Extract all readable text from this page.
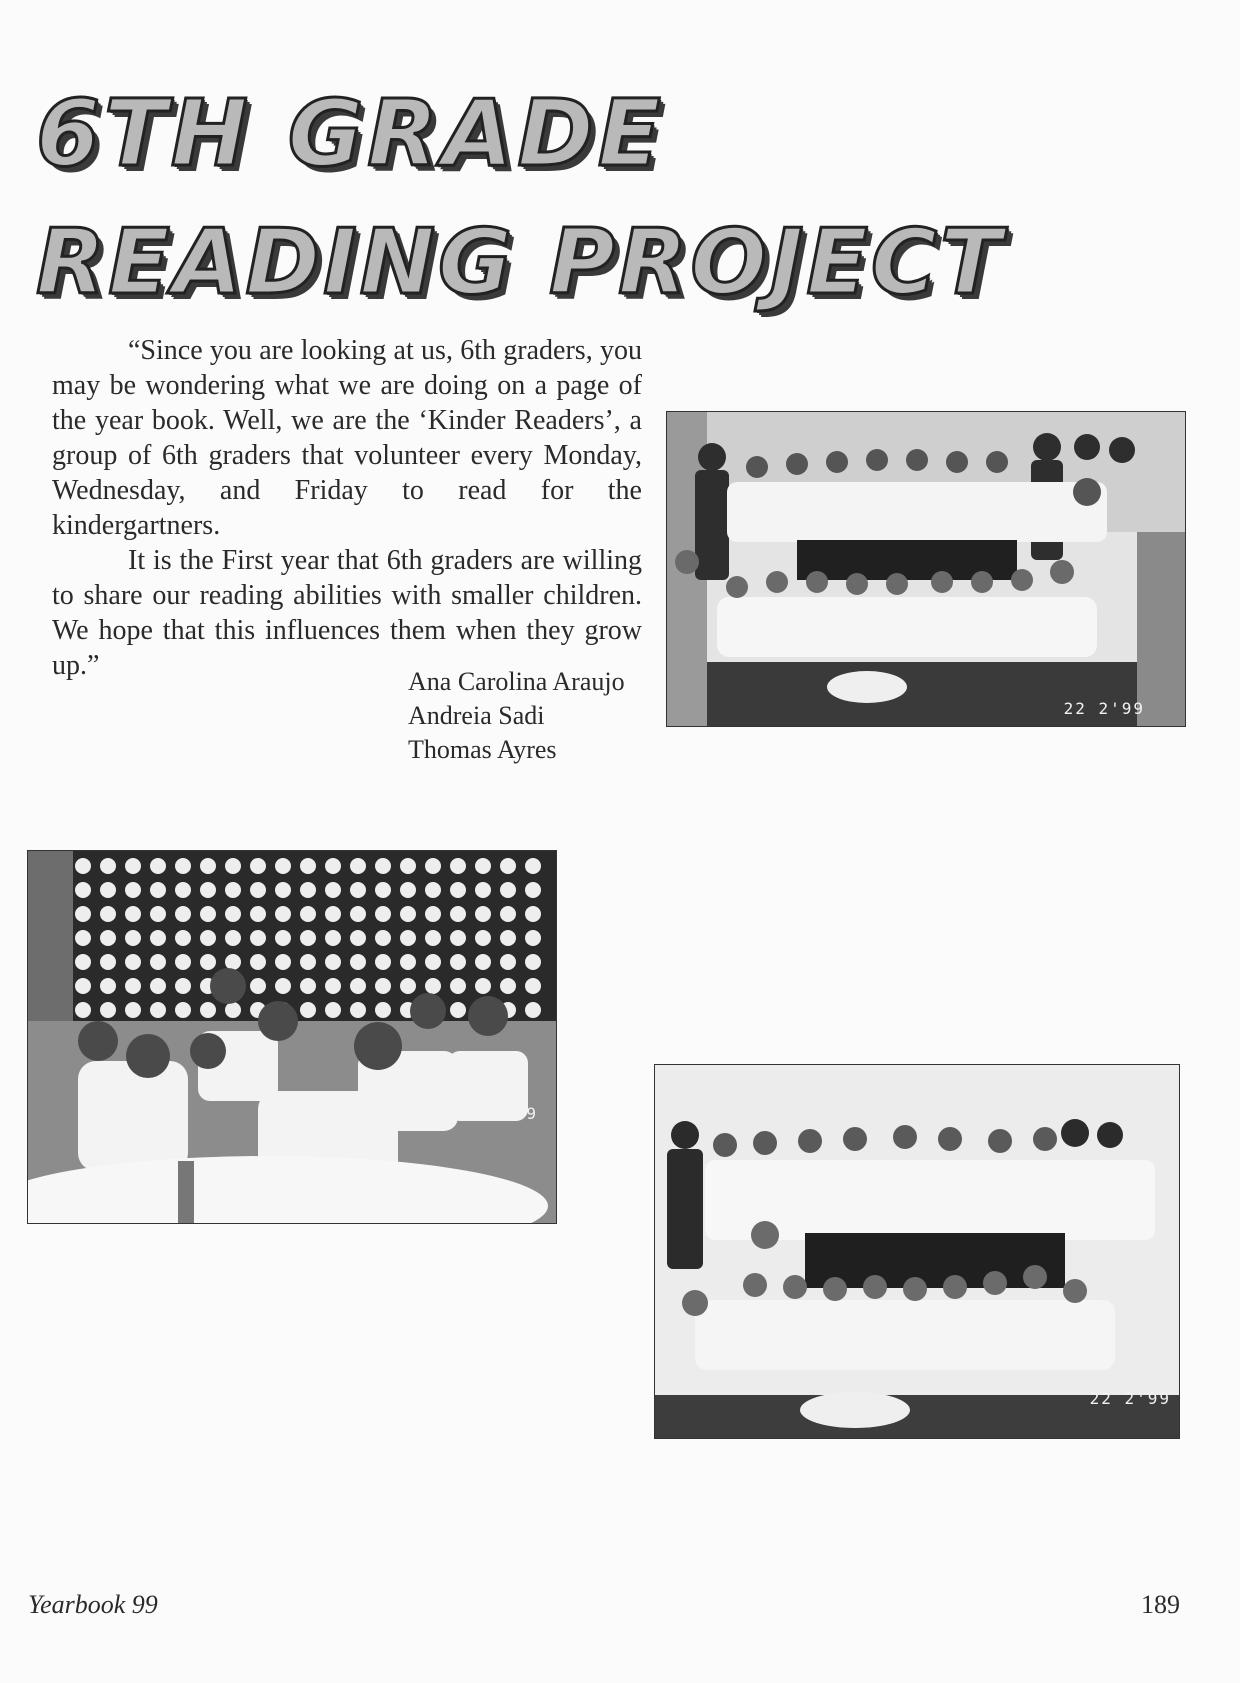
6TH GRADE
READING PROJECT

“Since you are looking at us, 6th graders, you may be wondering what we are doing on a page of the year book. Well, we are the ‘Kinder Readers’, a group of 6th graders that volunteer every Monday, Wednesday, and Friday to read for the kindergartners.

It is the First year that 6th graders are willing to share our reading abilities with smaller children. We hope that this influences them when they grow up.”

Ana Carolina Araujo
Andreia Sadi
Thomas Ayres
22 2'99
2'99
22 2'99
Yearbook 99	189
